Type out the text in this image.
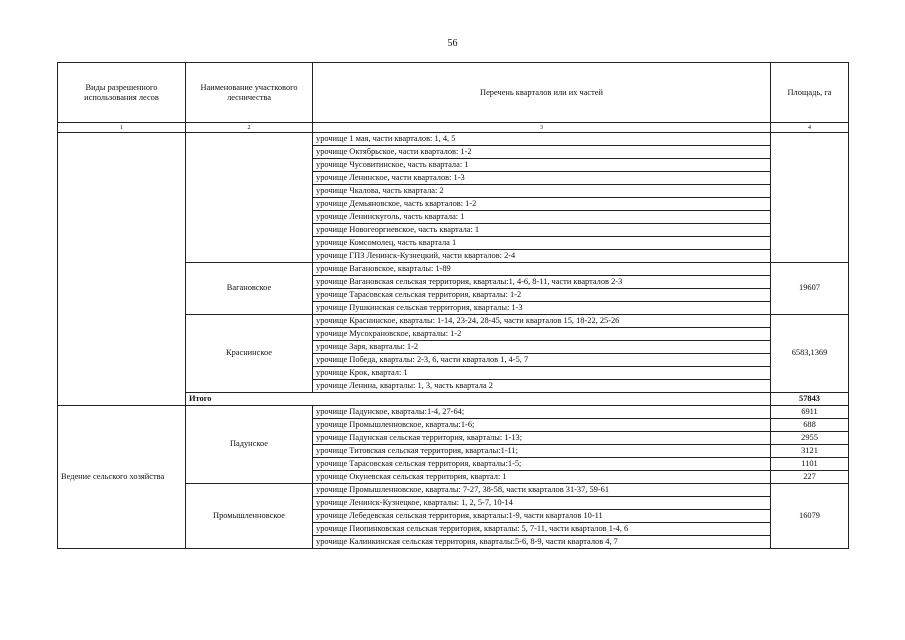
56
Виды разрешенного использования лесов	Наименование участкового лесничества	Перечень кварталов или их частей	Площадь, га
1	2	3	4
		урочище 1 мая, части кварталов: 1, 4, 5	
		урочище Октябрьское, части кварталов: 1-2	
		урочище Чусовитинское, часть квартала: 1	
		урочище Ленинское, части кварталов: 1-3	
		урочище Чкалова, часть квартала: 2	
		урочище Демьяновское, часть кварталов: 1-2	
		урочище Ленинскуголь, часть квартала: 1	
		урочище Новогеоргиевское, часть квартала: 1	
		урочище Комсомолец, часть квартала 1	
		урочище ГПЗ Ленинск-Кузнецкий, части кварталов: 2-4	
	Вагановское	урочище Вагановское, кварталы: 1-89	19607
		урочище Вагановская сельская территория, кварталы:1, 4-6, 8-11, части кварталов 2-3	
		урочище Тарасовская сельская территория, кварталы: 1-2	
		урочище Пушкинская сельская территория, кварталы: 1-3	
	Краснинское	урочище Краснинское, кварталы: 1-14, 23-24, 28-45, части кварталов 15, 18-22, 25-26	6583,1369
		урочище Мусохрановское, кварталы: 1-2	
		урочище Заря, кварталы: 1-2	
		урочище Победа, кварталы: 2-3, 6, части кварталов 1, 4-5, 7	
		урочище Крок, квартал: 1	
		урочище Ленина, кварталы: 1, 3, часть квартала 2	
	Итого		57843
Ведение сельского хозяйства	Падунское	урочище Падунское, кварталы:1-4, 27-64;	6911
		урочище Промышленновское, кварталы:1-6;	688
		урочище Падунская сельская территория, кварталы: 1-13;	2955
		урочище Титовская сельская территория, кварталы:1-11;	3121
		урочище Тарасовская сельская территория, кварталы:1-5;	1101
		урочище Окуневская сельская территория, квартал: 1	227
	Промышленновское	урочище Промышленновское, кварталы: 7-27, 38-58, части кварталов 31-37, 59-61	16079
		урочище Ленинск-Кузнецкое, кварталы: 1, 2, 5-7, 10-14	
		урочище Лебедевская сельская территория, кварталы:1-9, части кварталов 10-11	
		урочище Пиопинковская сельская территория, кварталы: 5, 7-11, части кварталов 1-4, 6	
		урочище Калинкинская сельская территория, кварталы:5-6, 8-9, части кварталов 4, 7	
